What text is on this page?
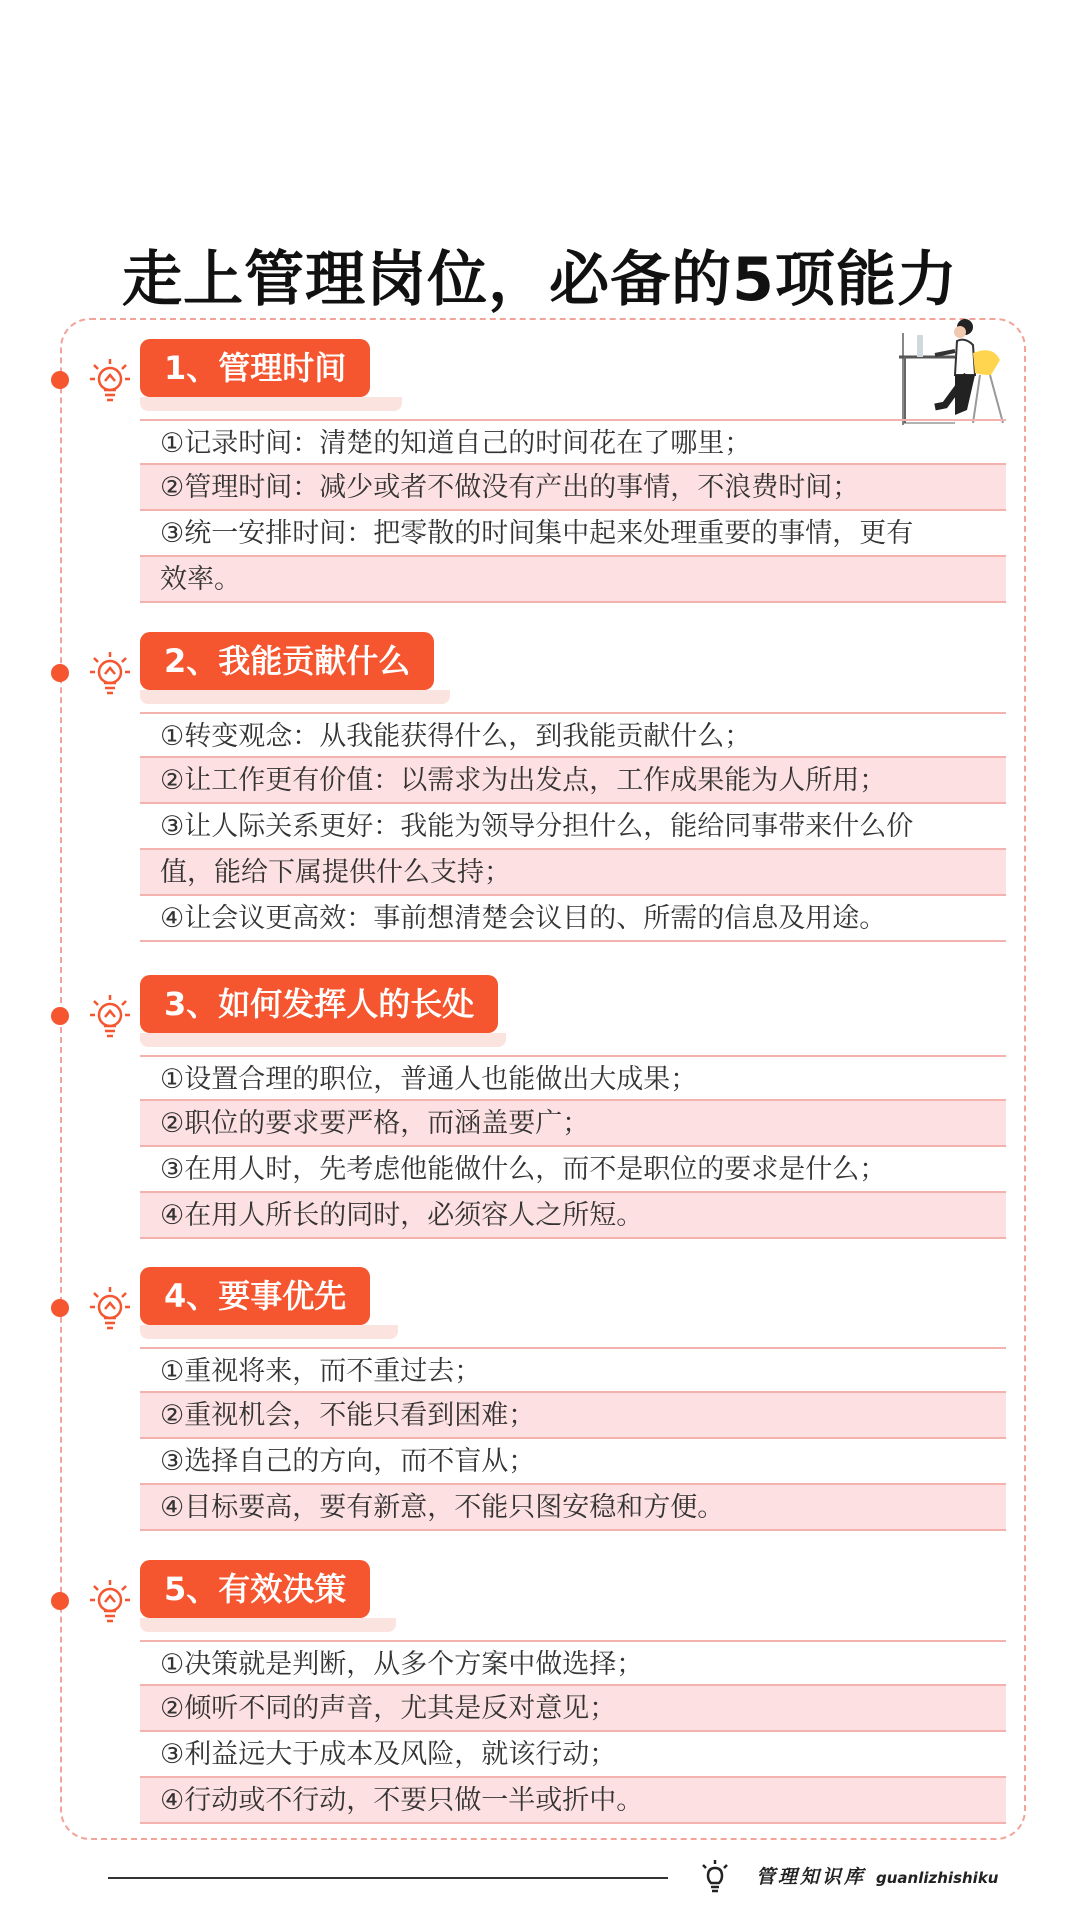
走上管理岗位，必备的5项能力
1、管理时间
①记录时间：清楚的知道自己的时间花在了哪里；
②管理时间：减少或者不做没有产出的事情，不浪费时间；
③统一安排时间：把零散的时间集中起来处理重要的事情，更有
效率。
2、我能贡献什么
①转变观念：从我能获得什么，到我能贡献什么；
②让工作更有价值：以需求为出发点，工作成果能为人所用；
③让人际关系更好：我能为领导分担什么，能给同事带来什么价
值，能给下属提供什么支持；
④让会议更高效：事前想清楚会议目的、所需的信息及用途。
3、如何发挥人的长处
①设置合理的职位，普通人也能做出大成果；
②职位的要求要严格，而涵盖要广；
③在用人时，先考虑他能做什么，而不是职位的要求是什么；
④在用人所长的同时，必须容人之所短。
4、要事优先
①重视将来，而不重过去；
②重视机会，不能只看到困难；
③选择自己的方向，而不盲从；
④目标要高，要有新意，不能只图安稳和方便。
5、有效决策
①决策就是判断，从多个方案中做选择；
②倾听不同的声音，尤其是反对意见；
③利益远大于成本及风险，就该行动；
④行动或不行动，不要只做一半或折中。
管理知识库 guanlizhishiku
